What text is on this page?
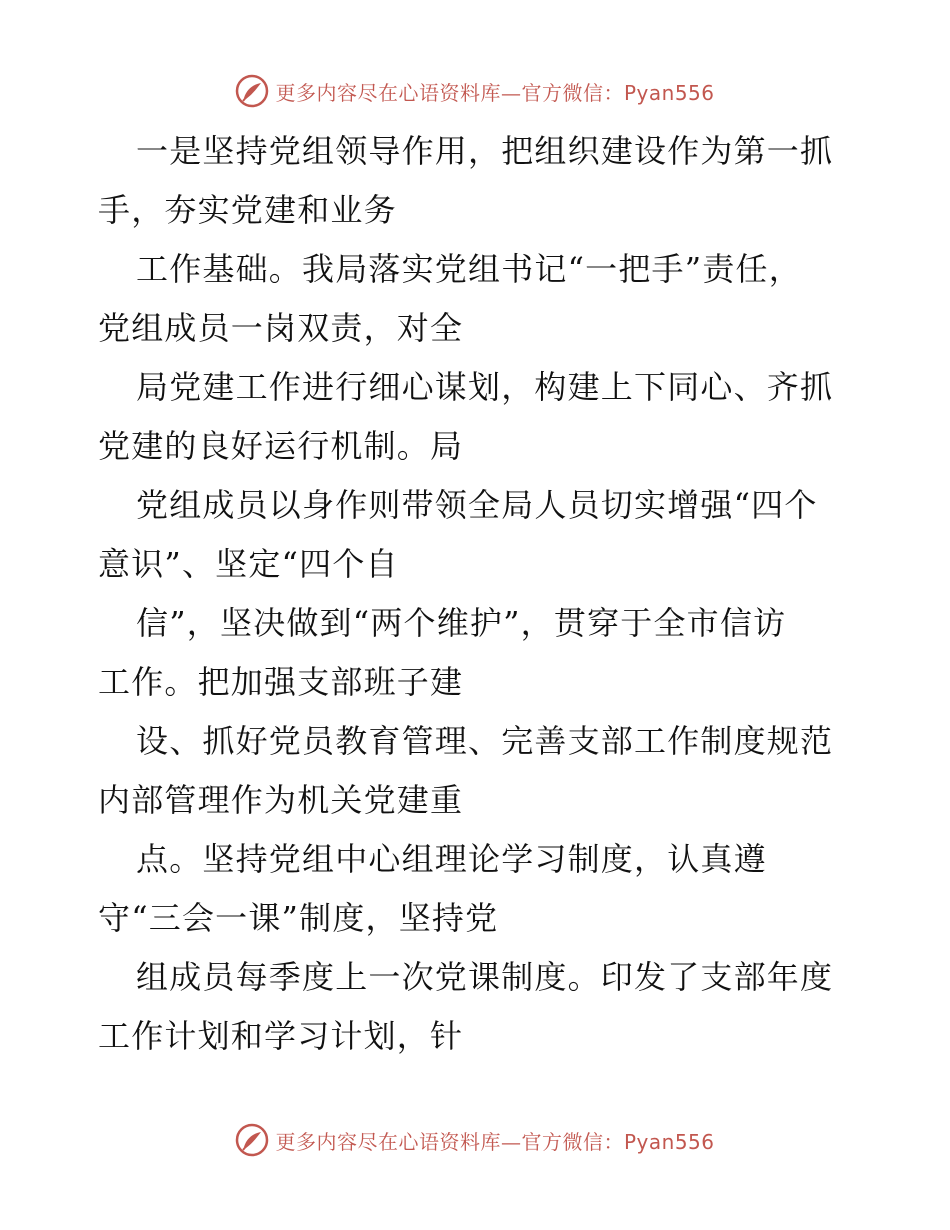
更多内容尽在心语资料库—官方微信：Pyan556
一是坚持党组领导作用，把组织建设作为第一抓
手，夯实党建和业务
工作基础。我局落实党组书记“一把手”责任，
党组成员一岗双责，对全
局党建工作进行细心谋划，构建上下同心、齐抓
党建的良好运行机制。局
党组成员以身作则带领全局人员切实增强“四个
意识”、坚定“四个自
信”，坚决做到“两个维护”，贯穿于全市信访
工作。把加强支部班子建
设、抓好党员教育管理、完善支部工作制度规范
内部管理作为机关党建重
点。坚持党组中心组理论学习制度，认真遵
守“三会一课”制度，坚持党
组成员每季度上一次党课制度。印发了支部年度
工作计划和学习计划，针
更多内容尽在心语资料库—官方微信：Pyan556
